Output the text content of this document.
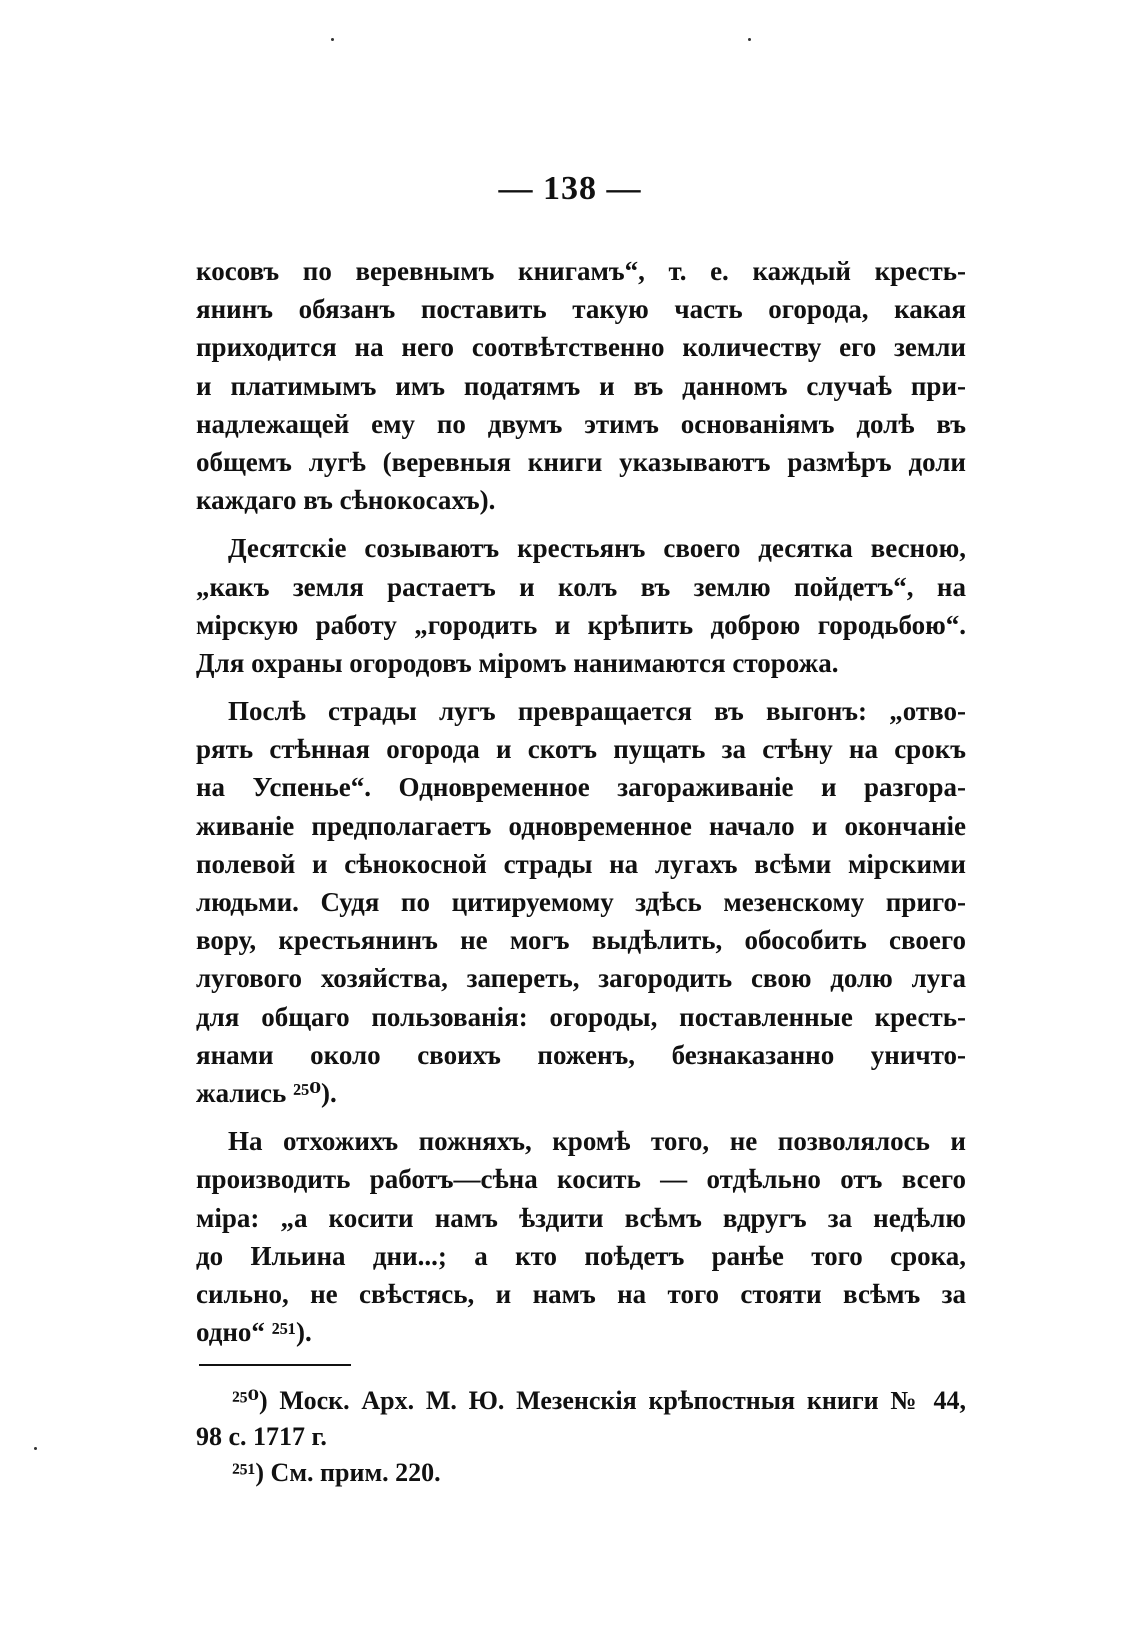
— 138 —
косовъ по веревнымъ книгамъ“, т. е. каждый кресть-
янинъ обязанъ поставить такую часть огорода, какая
приходится на него соотвѣтственно количеству его земли
и платимымъ имъ податямъ и въ данномъ случаѣ при-
надлежащей ему по двумъ этимъ основаніямъ долѣ въ
общемъ лугѣ (веревныя книги указываютъ размѣръ доли
каждаго въ сѣнокосахъ).
Десятскіе созываютъ крестьянъ своего десятка весною,
„какъ земля растаетъ и колъ въ землю пойдетъ“, на
мірскую работу „городить и крѣпить доброю городьбою“.
Для охраны огородовъ міромъ нанимаются сторожа.
Послѣ страды лугъ превращается въ выгонъ: „отво-
рять стѣнная огорода и скотъ пущать за стѣну на срокъ
на Успенье“. Одновременное загораживаніе и разгора-
живаніе предполагаетъ одновременное начало и окончаніе
полевой и сѣнокосной страды на лугахъ всѣми мірскими
людьми. Судя по цитируемому здѣсь мезенскому приго-
вору, крестьянинъ не могъ выдѣлить, обособить своего
лугового хозяйства, запереть, загородить свою долю луга
для общаго пользованія: огороды, поставленные кресть-
янами около своихъ поженъ, безнаказанно уничто-
жались ²⁵⁰).
На отхожихъ пожняхъ, кромѣ того, не позволялось и
производить работъ—сѣна косить — отдѣльно отъ всего
міра: „а косити намъ ѣздити всѣмъ вдругъ за недѣлю
до Ильина дни...; а кто поѣдетъ ранѣе того срока,
сильно, не свѣстясь, и намъ на того стояти всѣмъ за
одно“ ²⁵¹).
²⁵⁰) Моск. Арх. М. Ю. Мезенскія крѣпостныя книги № 44,
98 с. 1717 г.
²⁵¹) См. прим. 220.
